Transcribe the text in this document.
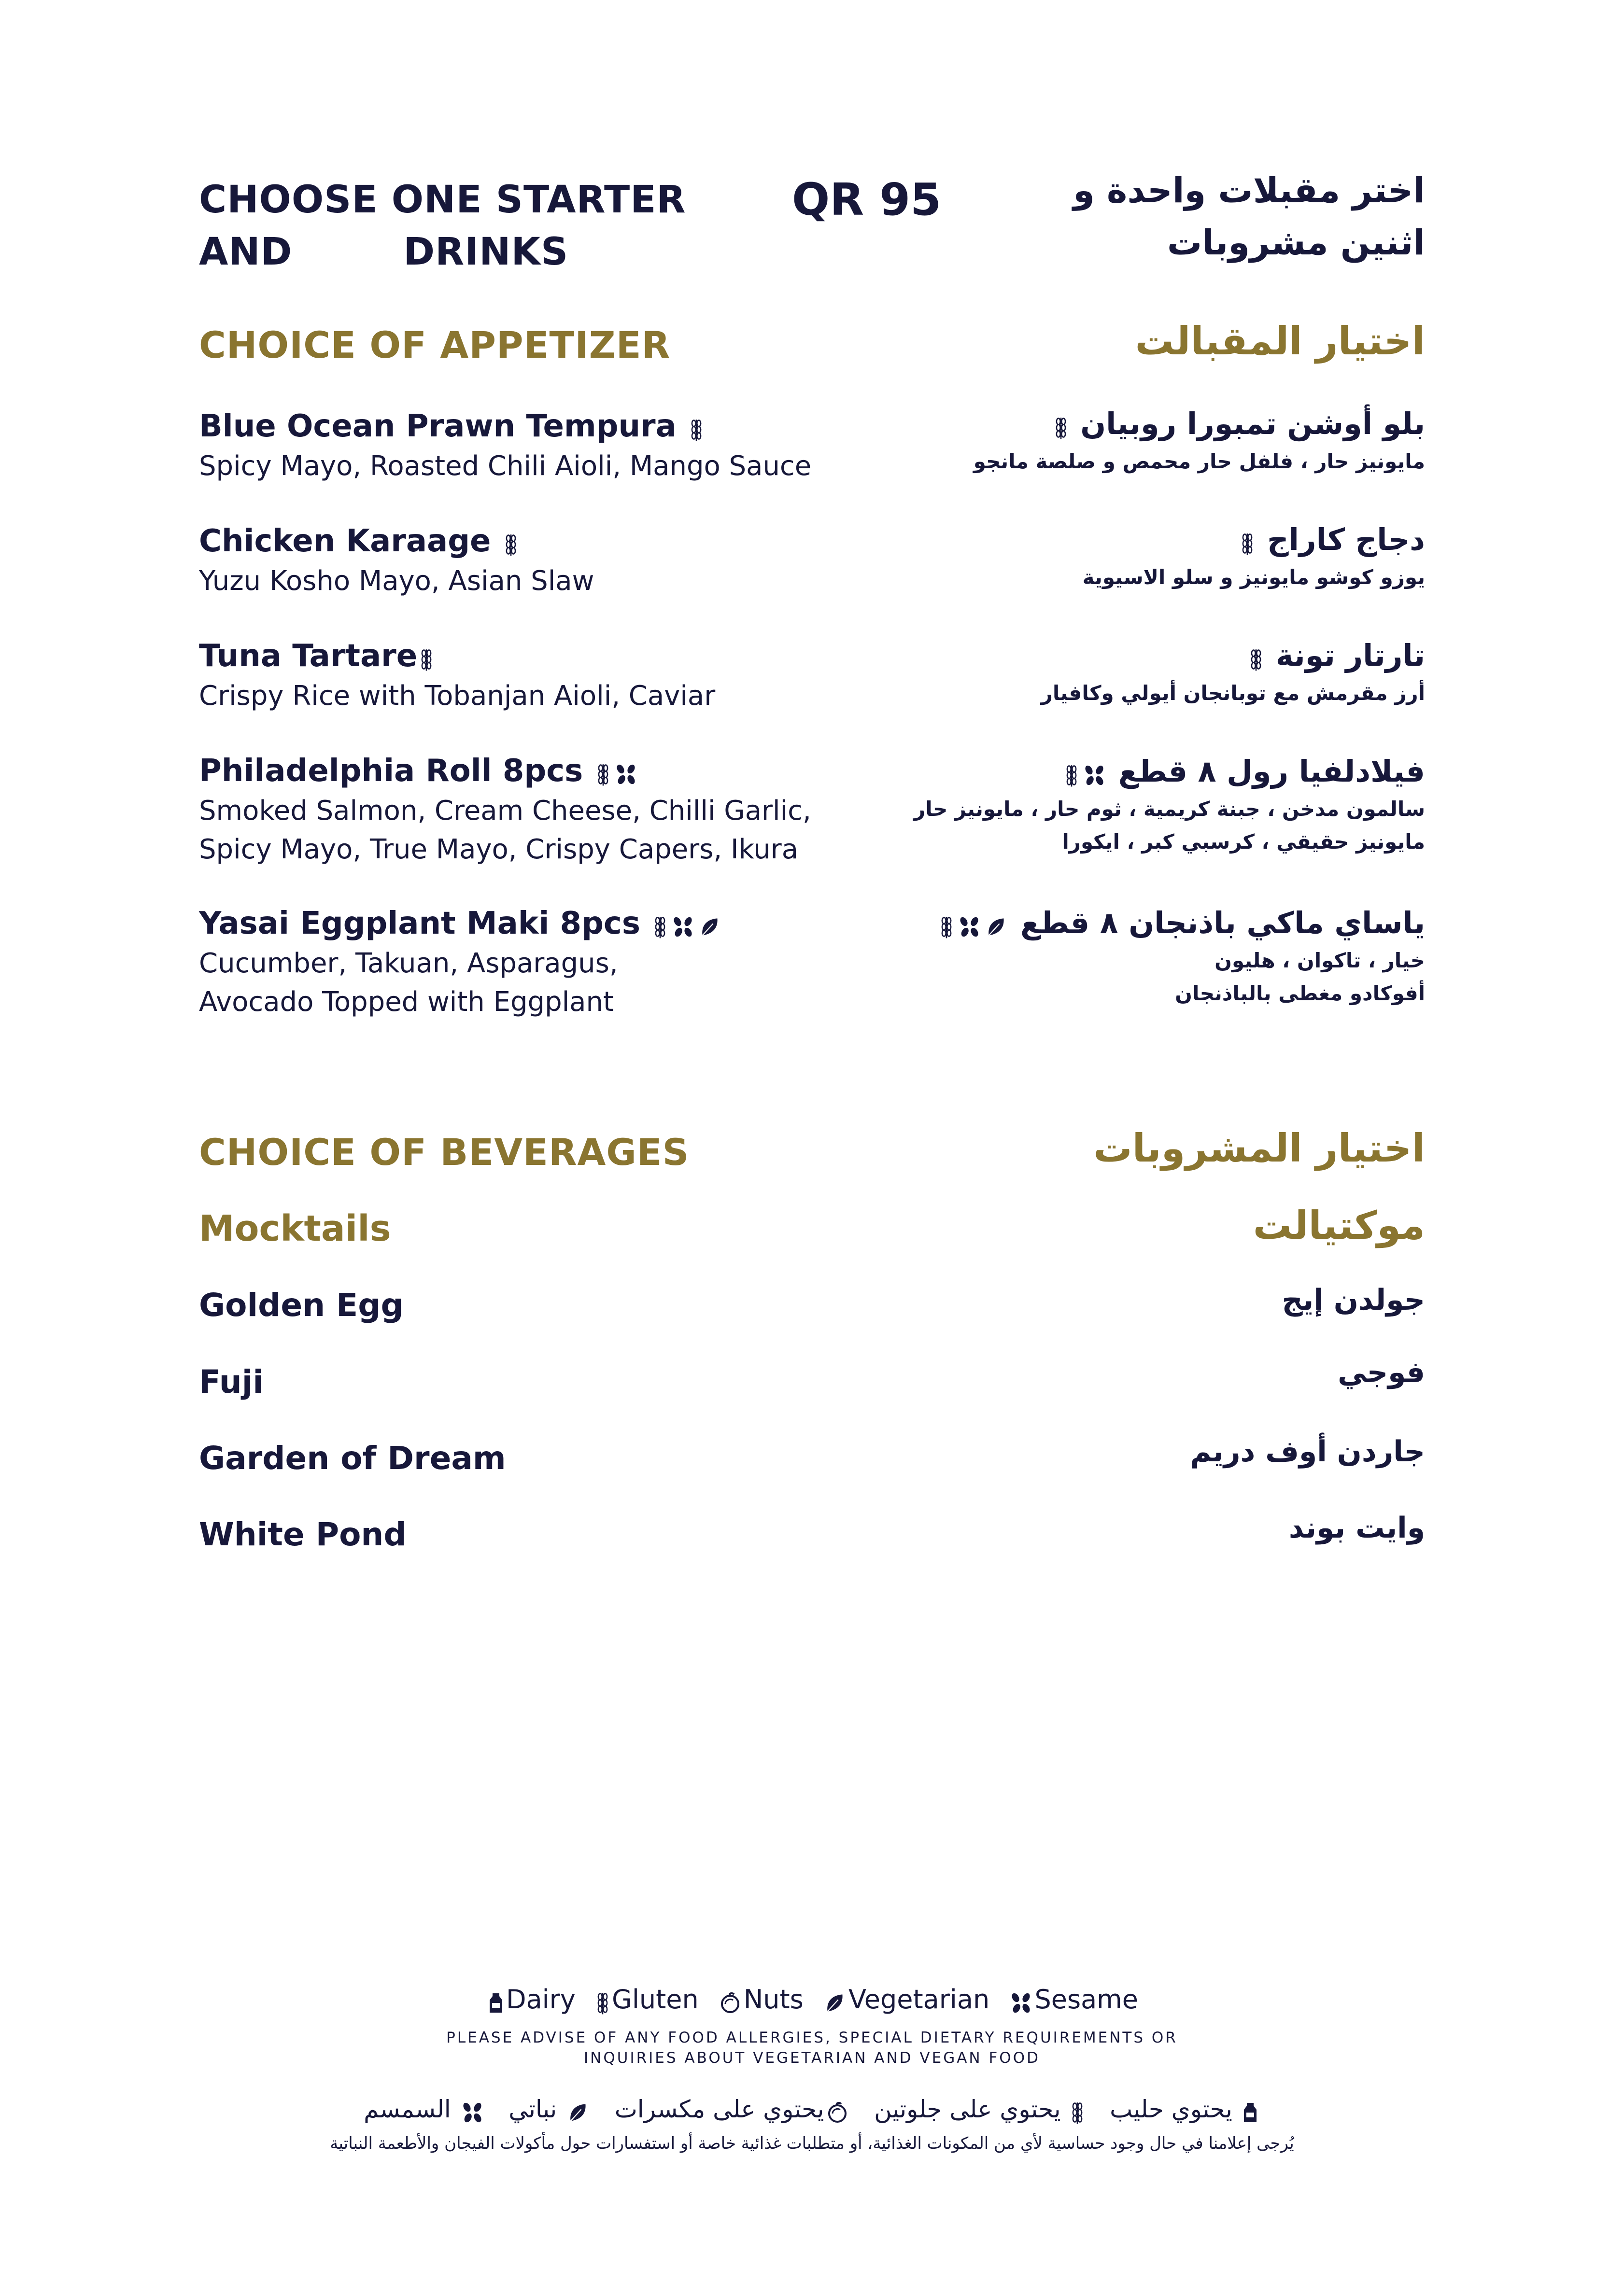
CHOOSE ONE STARTER
AND	DRINKS
QR 95	اختر مقبلات واحدة و
اثنين مشروبات
CHOICE OF APPETIZER	اختيار المقبالت
Blue Ocean Prawn Tempura
Spicy Mayo, Roasted Chili Aioli, Mango Sauce
بلو أوشن تمبورا روبيان
مايونيز حار ، فلفل حار محمص و صلصة مانجو
Chicken Karaage
Yuzu Kosho Mayo, Asian Slaw
دجاج كاراج
يوزو كوشو مايونيز و سلو الاسيوية
Tuna Tartare
Crispy Rice with Tobanjan Aioli, Caviar
تارتار تونة
أرز مقرمش مع توبانجان أيولي وكافيار
Philadelphia Roll 8pcs
Smoked Salmon, Cream Cheese, Chilli Garlic,
Spicy Mayo, True Mayo, Crispy Capers, Ikura
فيلادلفيا رول ٨ قطع
سالمون مدخن ، جبنة كريمية ، ثوم حار ، مايونيز حار
مايونيز حقيقي ، كرسبي كبر ، ايكورا
Yasai Eggplant Maki 8pcs
Cucumber, Takuan, Asparagus,
Avocado Topped with Eggplant
ياساي ماكي باذنجان ٨ قطع
خيار ، تاكوان ، هليون
أفوكادو مغطى بالباذنجان
CHOICE OF BEVERAGES	اختيار المشروبات
Mocktails	موكتيالت
Golden Egg	جولدن إيج
Fuji	فوجي
Garden of Dream	جاردن أوف دريم
White Pond	وايت بوند
Dairy Gluten Nuts Vegetarian Sesame
PLEASE ADVISE OF ANY FOOD ALLERGIES, SPECIAL DIETARY REQUIREMENTS OR
INQUIRIES ABOUT VEGETARIAN AND VEGAN FOOD
يحتوي حليب    يحتوي على جلوتين   يحتوي على مكسرات    نباتي    السمسم
يُرجى إعلامنا في حال وجود حساسية لأي من المكونات الغذائية، أو متطلبات غذائية خاصة أو استفسارات حول مأكولات الفيجان والأطعمة النباتية
